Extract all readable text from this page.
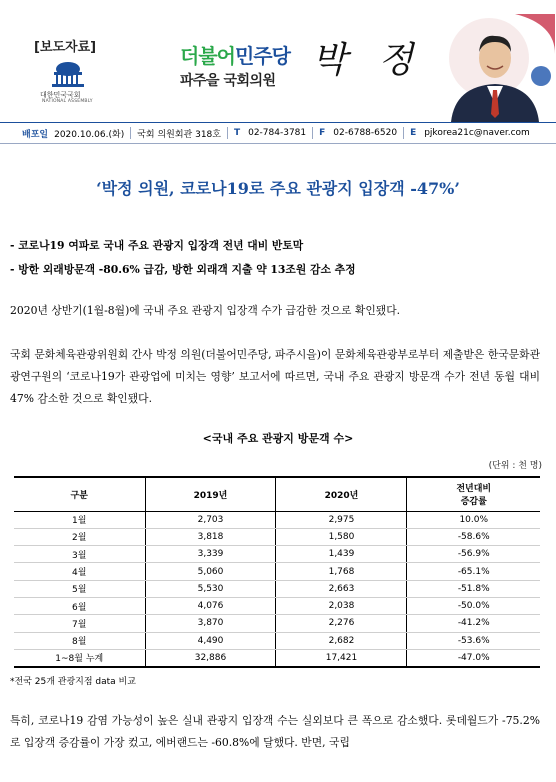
[보도자료]
대한민국국회
NATIONAL ASSEMBLY
더불어민주당
파주을 국회의원 박 정
배포일 2020.10.06.(화) 국회 의원회관 318호 T 02-784-3781 F 02-6788-6520 E pjkorea21c@naver.com
‘박정 의원, 코로나19로 주요 관광지 입장객 -47%’
- 코로나19 여파로 국내 주요 관광지 입장객 전년 대비 반토막
- 방한 외래방문객 -80.6% 급감, 방한 외래객 지출 약 13조원 감소 추정
2020년 상반기(1월-8월)에 국내 주요 관광지 입장객 수가 급감한 것으로 확인됐다.
국회 문화체육관광위원회 간사 박정 의원(더불어민주당, 파주시을)이 문화체육관광부로부터 제출받은 한국문화관광연구원의 ‘코로나19가 관광업에 미치는 영향’ 보고서에 따르면, 국내 주요 관광지 방문객 수가 전년 동월 대비 47% 감소한 것으로 확인됐다.
<국내 주요 관광지 방문객 수>
(단위 : 천 명)
구분	2019년	2020년	전년대비
증감률
1월	2,703	2,975	10.0%
2월	3,818	1,580	-58.6%
3월	3,339	1,439	-56.9%
4월	5,060	1,768	-65.1%
5월	5,530	2,663	-51.8%
6월	4,076	2,038	-50.0%
7월	3,870	2,276	-41.2%
8월	4,490	2,682	-53.6%
1~8월 누계	32,886	17,421	-47.0%
*전국 25개 관광지점 data 비교
특히, 코로나19 감염 가능성이 높은 실내 관광지 입장객 수는 실외보다 큰 폭으로 감소했다. 롯데월드가 -75.2%로 입장객 증감률이 가장 컸고, 에버랜드는 -60.8%에 달했다. 반면, 국립
